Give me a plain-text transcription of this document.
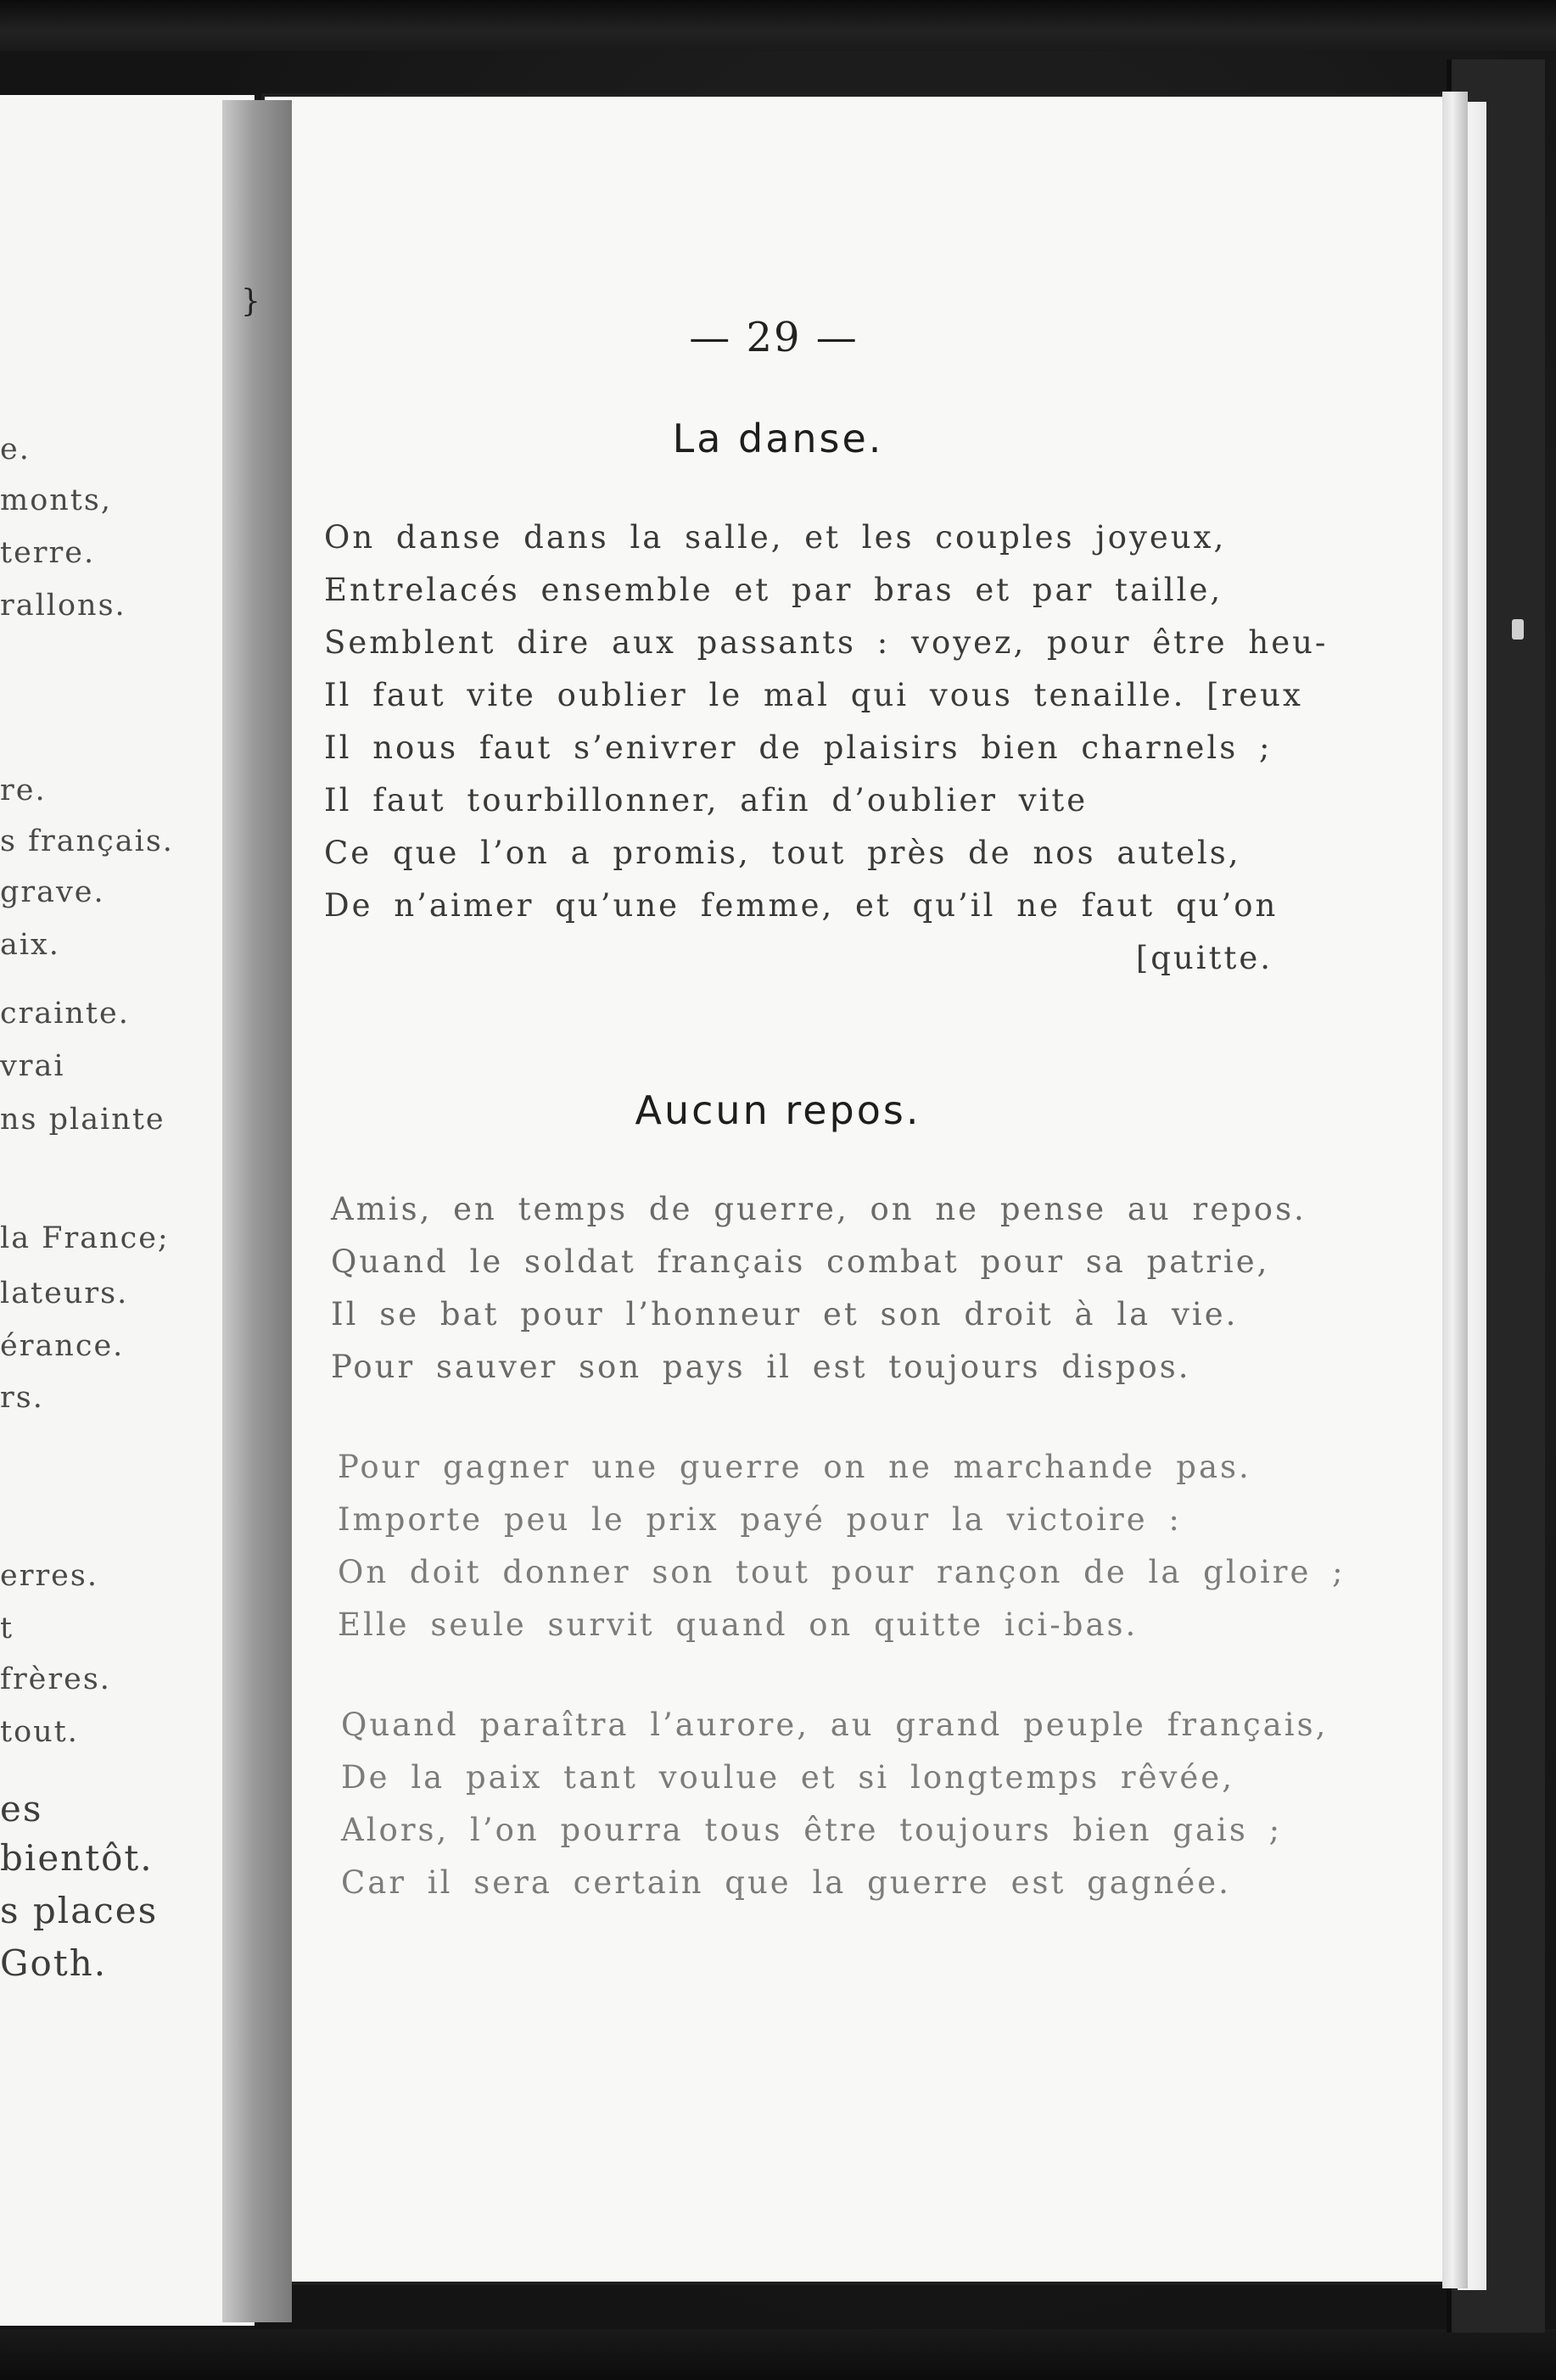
e.
monts,
terre.
rallons.
re.
s français.
grave.
aix.
crainte.
vrai
ns plainte
la France;
lateurs.
érance.
rs.
erres.
t
frères.
tout.
es
bientôt.
s places
Goth.
}
— 29 —
La danse.
On danse dans la salle, et les couples joyeux,
Entrelacés ensemble et par bras et par taille,
Semblent dire aux passants : voyez, pour être heu-
Il faut vite oublier le mal qui vous tenaille. [reux
Il nous faut s’enivrer de plaisirs bien charnels ;
Il faut tourbillonner, afin d’oublier vite
Ce que l’on a promis, tout près de nos autels,
De n’aimer qu’une femme, et qu’il ne faut qu’on
[quitte.
Aucun repos.
Amis, en temps de guerre, on ne pense au repos.
Quand le soldat français combat pour sa patrie,
Il se bat pour l’honneur et son droit à la vie.
Pour sauver son pays il est toujours dispos.
Pour gagner une guerre on ne marchande pas.
Importe peu le prix payé pour la victoire :
On doit donner son tout pour rançon de la gloire ;
Elle seule survit quand on quitte ici-bas.
Quand paraîtra l’aurore, au grand peuple français,
De la paix tant voulue et si longtemps rêvée,
Alors, l’on pourra tous être toujours bien gais ;
Car il sera certain que la guerre est gagnée.
